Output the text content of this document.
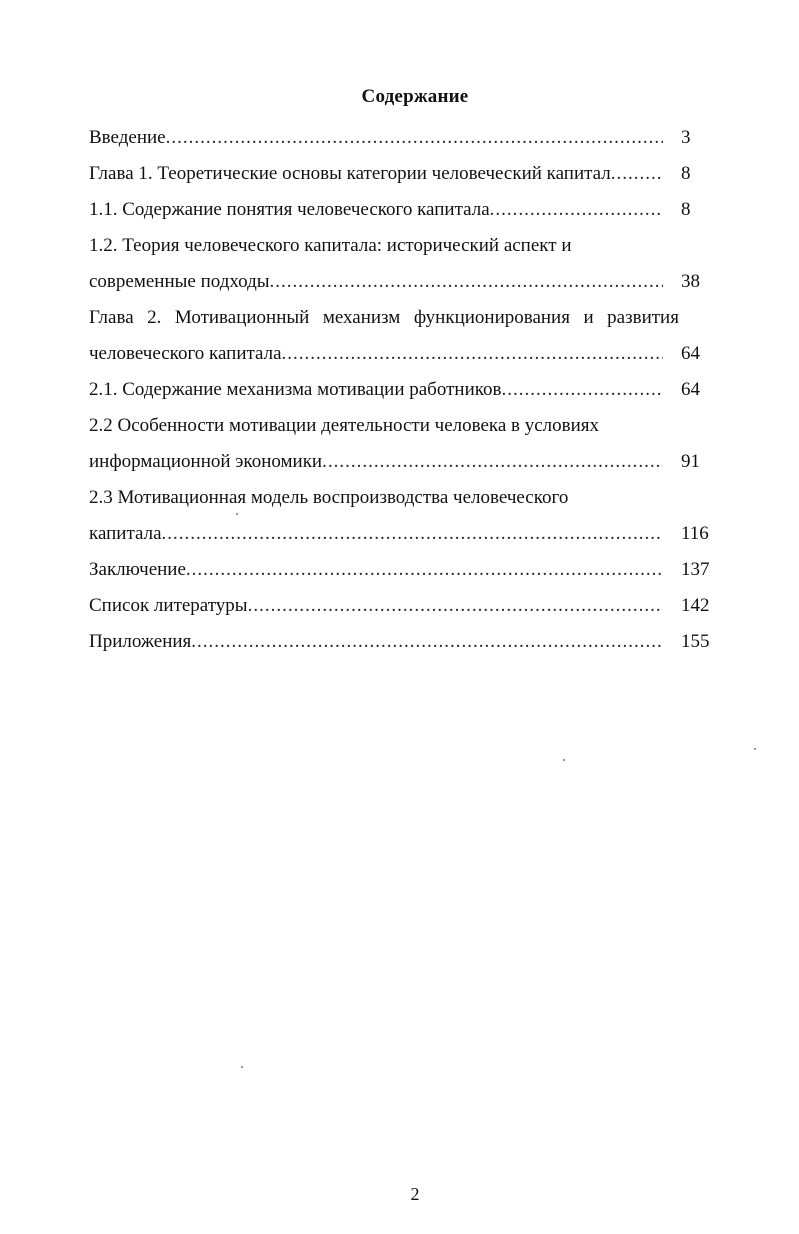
Содержание
Введение .....	3
Глава 1. Теоретические основы категории человеческий капитал .....	8
1.1. Содержание понятия человеческого капитала .....	8
1.2. Теория человеческого капитала: исторический аспект и
современные подходы .....	38
Глава 2. Мотивационный механизм функционирования и развития
человеческого капитала .....	64
2.1. Содержание механизма мотивации работников .....	64
2.2 Особенности мотивации деятельности человека в условиях
информационной экономики .....	91
2.3 Мотивационная модель воспроизводства человеческого
капитала .....	116
Заключение .....	137
Список литературы .....	142
Приложения .....	155
2
